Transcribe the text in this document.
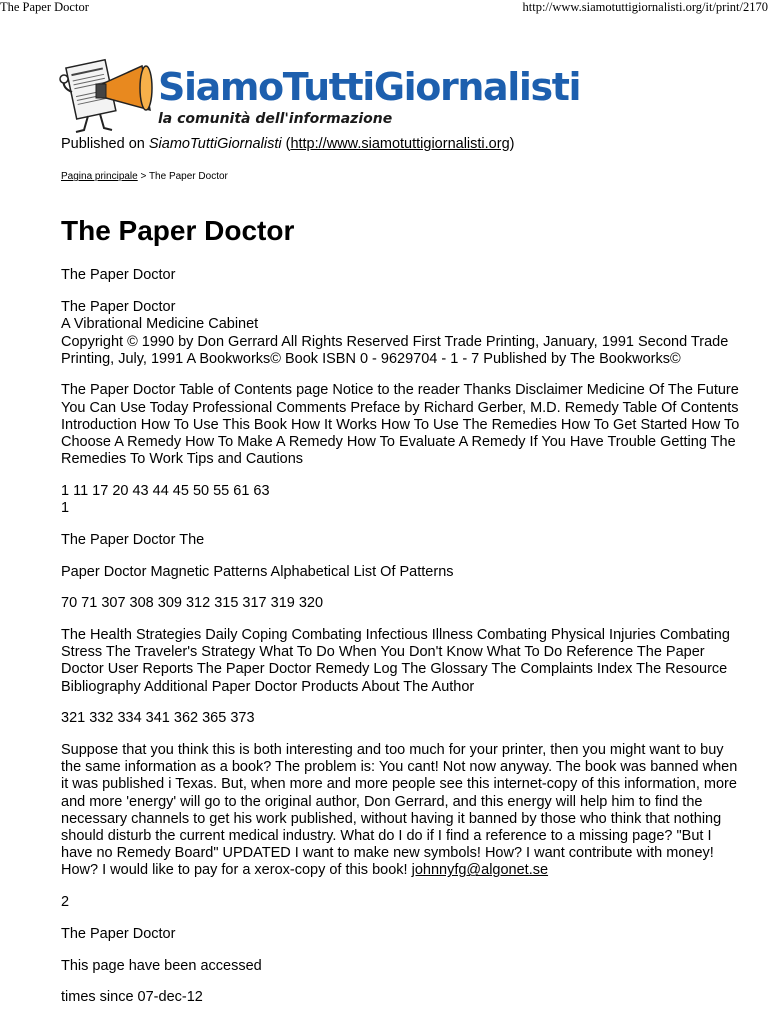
The Paper Doctor	http://www.siamotuttigiornalisti.org/it/print/2170
SiamoTuttiGiornalisti
la comunità dell'informazione

Published on SiamoTuttiGiornalisti (http://www.siamotuttigiornalisti.org)

Pagina principale > The Paper Doctor
The Paper Doctor

The Paper Doctor

The Paper Doctor
A Vibrational Medicine Cabinet
Copyright © 1990 by Don Gerrard All Rights Reserved First Trade Printing, January, 1991 Second Trade Printing, July, 1991 A Bookworks© Book ISBN 0 - 9629704 - 1 - 7 Published by The Bookworks©

The Paper Doctor Table of Contents page Notice to the reader Thanks Disclaimer Medicine Of The Future You Can Use Today Professional Comments Preface by Richard Gerber, M.D. Remedy Table Of Contents Introduction How To Use This Book How It Works How To Use The Remedies How To Get Started How To Choose A Remedy How To Make A Remedy How To Evaluate A Remedy If You Have Trouble Getting The Remedies To Work Tips and Cautions

1 11 17 20 43 44 45 50 55 61 63
1

The Paper Doctor The

Paper Doctor Magnetic Patterns Alphabetical List Of Patterns

70 71 307 308 309 312 315 317 319 320

The Health Strategies Daily Coping Combating Infectious Illness Combating Physical Injuries Combating Stress The Traveler's Strategy What To Do When You Don't Know What To Do Reference The Paper Doctor User Reports The Paper Doctor Remedy Log The Glossary The Complaints Index The Resource Bibliography Additional Paper Doctor Products About The Author

321 332 334 341 362 365 373

Suppose that you think this is both interesting and too much for your printer, then you might want to buy the same information as a book? The problem is: You cant! Not now anyway. The book was banned when it was published i Texas. But, when more and more people see this internet-copy of this information, more and more 'energy' will go to the original author, Don Gerrard, and this energy will help him to find the necessary channels to get his work published, without having it banned by those who think that nothing should disturb the current medical industry. What do I do if I find a reference to a missing page? "But I have no Remedy Board" UPDATED I want to make new symbols! How? I want contribute with money! How? I would like to pay for a xerox-copy of this book! johnnyfg@algonet.se

2

The Paper Doctor

This page have been accessed

times since 07-dec-12
